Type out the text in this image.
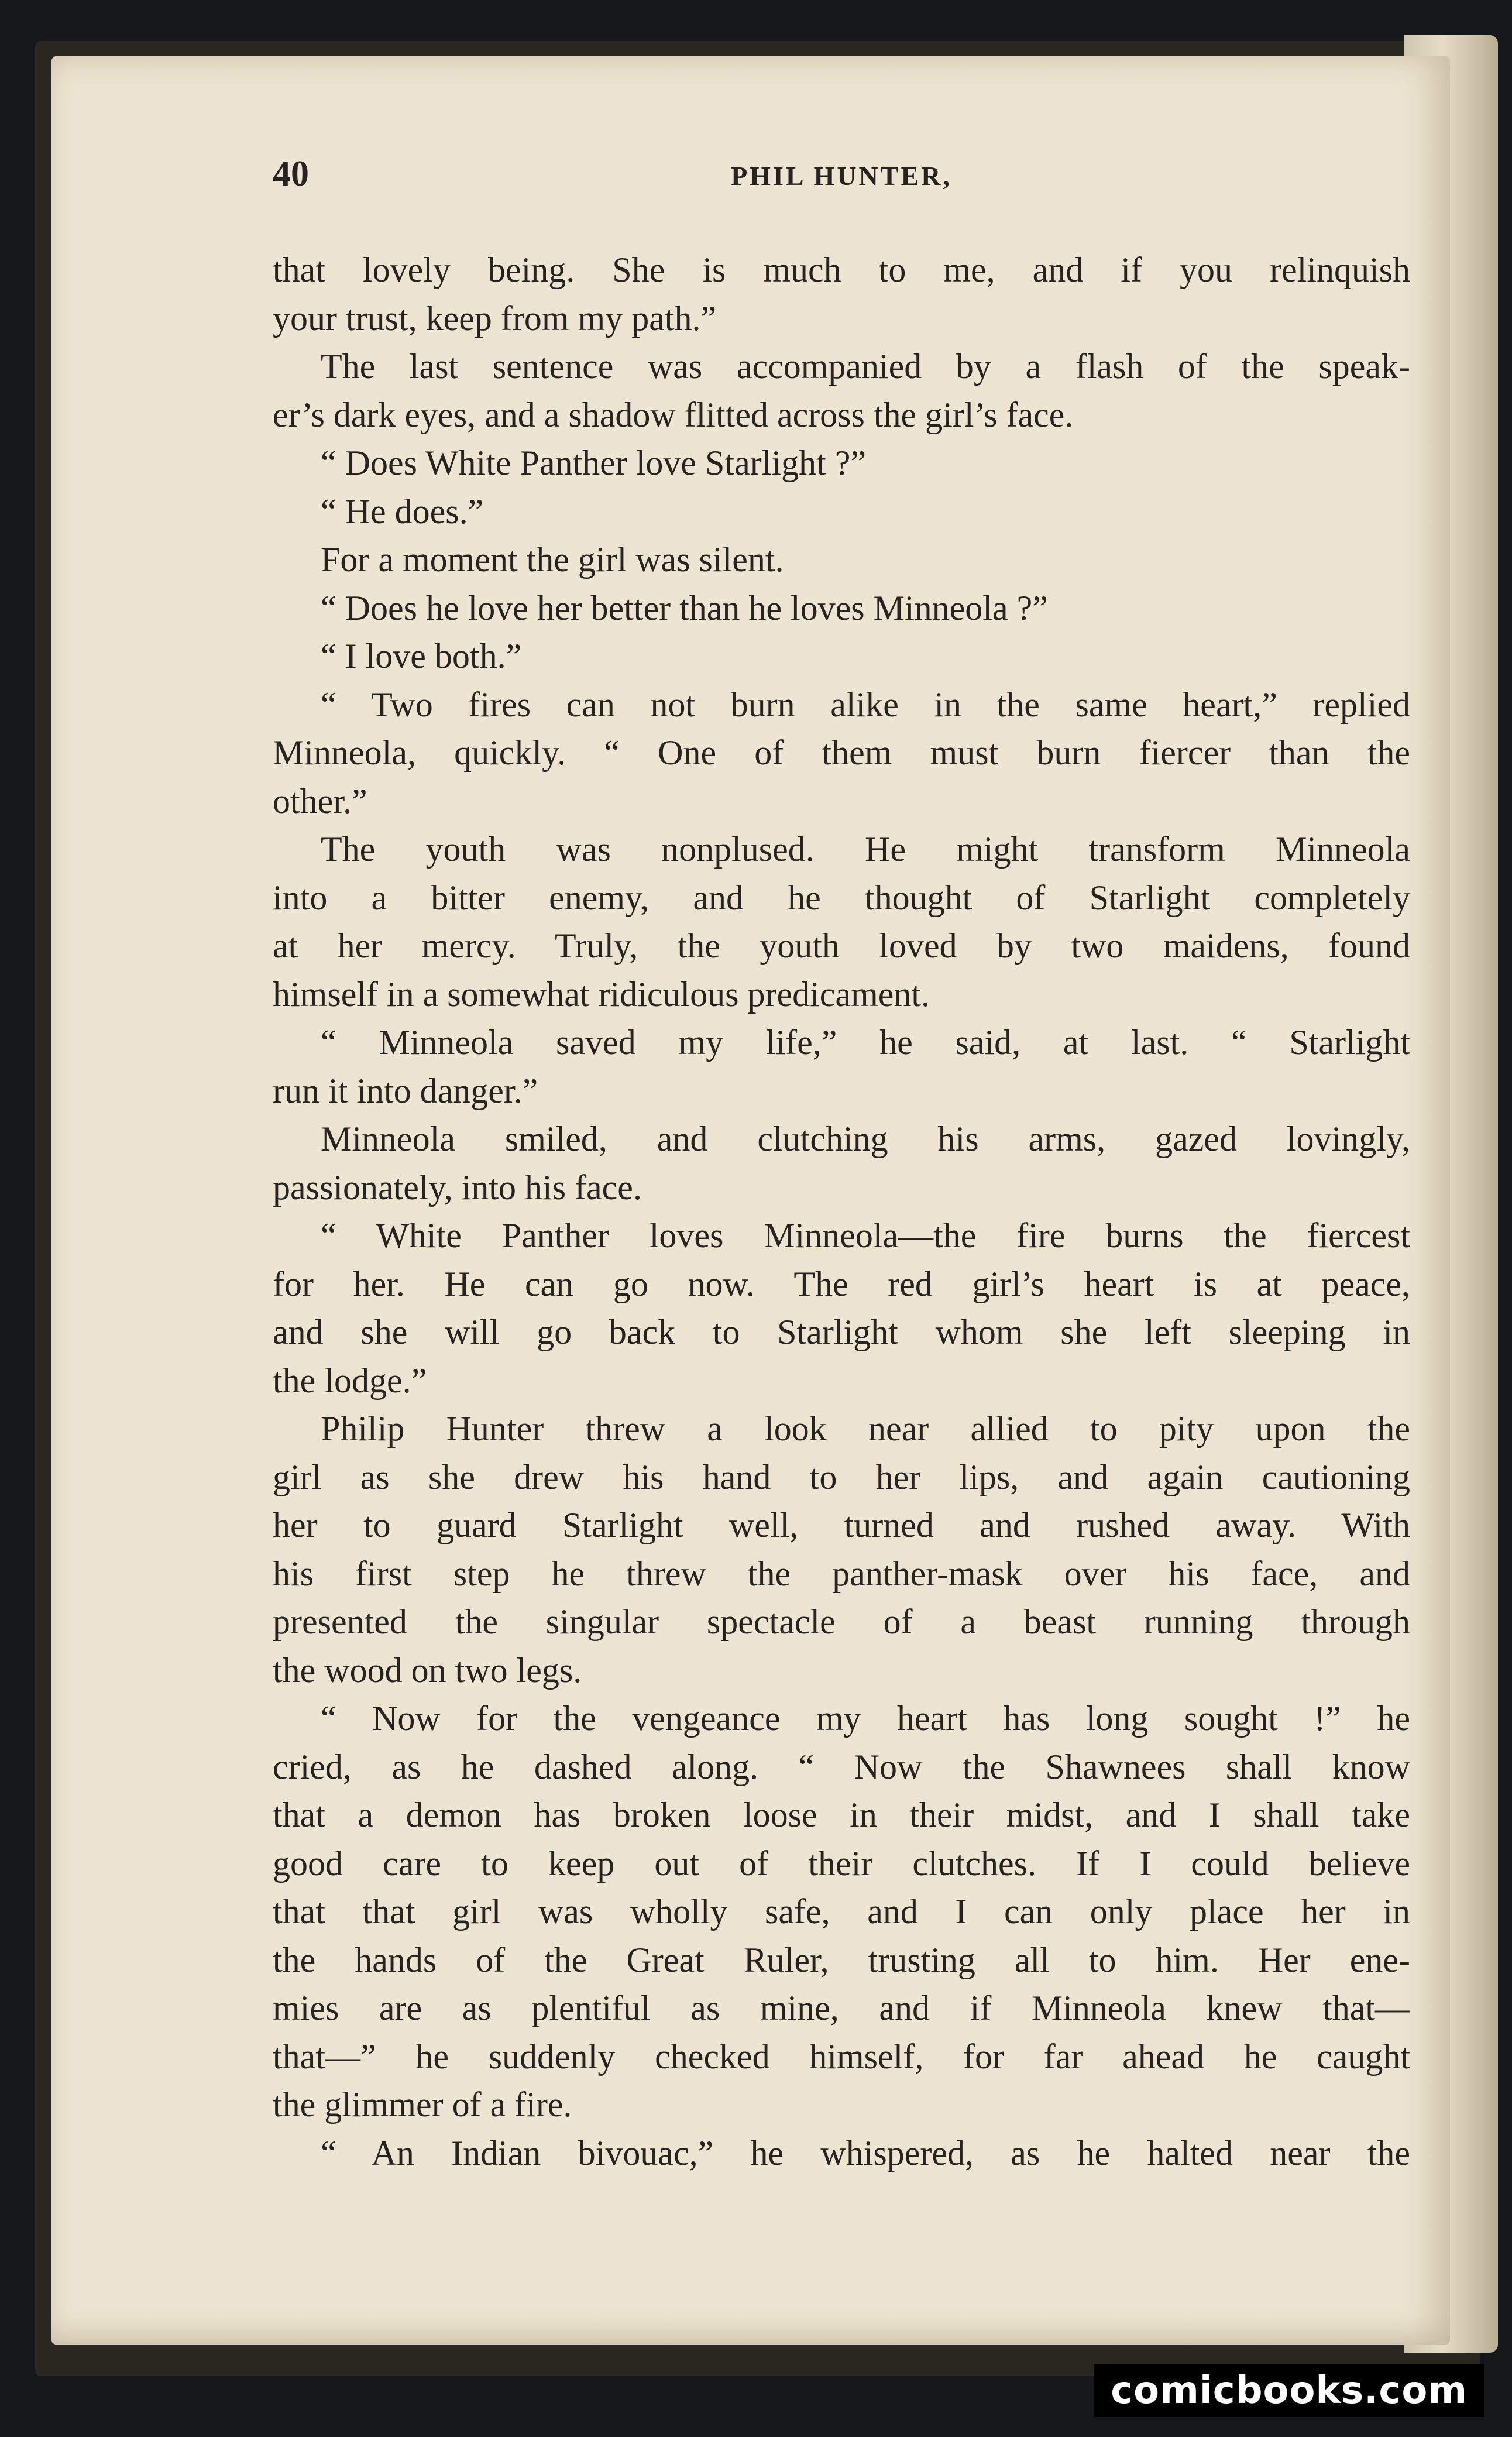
40	PHIL HUNTER,
that lovely being. She is much to me, and if you relinquish
your trust, keep from my path.”
The last sentence was accompanied by a flash of the speak-
er’s dark eyes, and a shadow flitted across the girl’s face.
“ Does White Panther love Starlight ?”
“ He does.”
For a moment the girl was silent.
“ Does he love her better than he loves Minneola ?”
“ I love both.”
“ Two fires can not burn alike in the same heart,” replied
Minneola, quickly. “ One of them must burn fiercer than the
other.”
The youth was nonplused. He might transform Minneola
into a bitter enemy, and he thought of Starlight completely
at her mercy. Truly, the youth loved by two maidens, found
himself in a somewhat ridiculous predicament.
“ Minneola saved my life,” he said, at last. “ Starlight
run it into danger.”
Minneola smiled, and clutching his arms, gazed lovingly,
passionately, into his face.
“ White Panther loves Minneola—the fire burns the fiercest
for her. He can go now. The red girl’s heart is at peace,
and she will go back to Starlight whom she left sleeping in
the lodge.”
Philip Hunter threw a look near allied to pity upon the
girl as she drew his hand to her lips, and again cautioning
her to guard Starlight well, turned and rushed away. With
his first step he threw the panther-mask over his face, and
presented the singular spectacle of a beast running through
the wood on two legs.
“ Now for the vengeance my heart has long sought !” he
cried, as he dashed along. “ Now the Shawnees shall know
that a demon has broken loose in their midst, and I shall take
good care to keep out of their clutches. If I could believe
that that girl was wholly safe, and I can only place her in
the hands of the Great Ruler, trusting all to him. Her ene-
mies are as plentiful as mine, and if Minneola knew that—
that—” he suddenly checked himself, for far ahead he caught
the glimmer of a fire.
“ An Indian bivouac,” he whispered, as he halted near the
comicbooks.com
